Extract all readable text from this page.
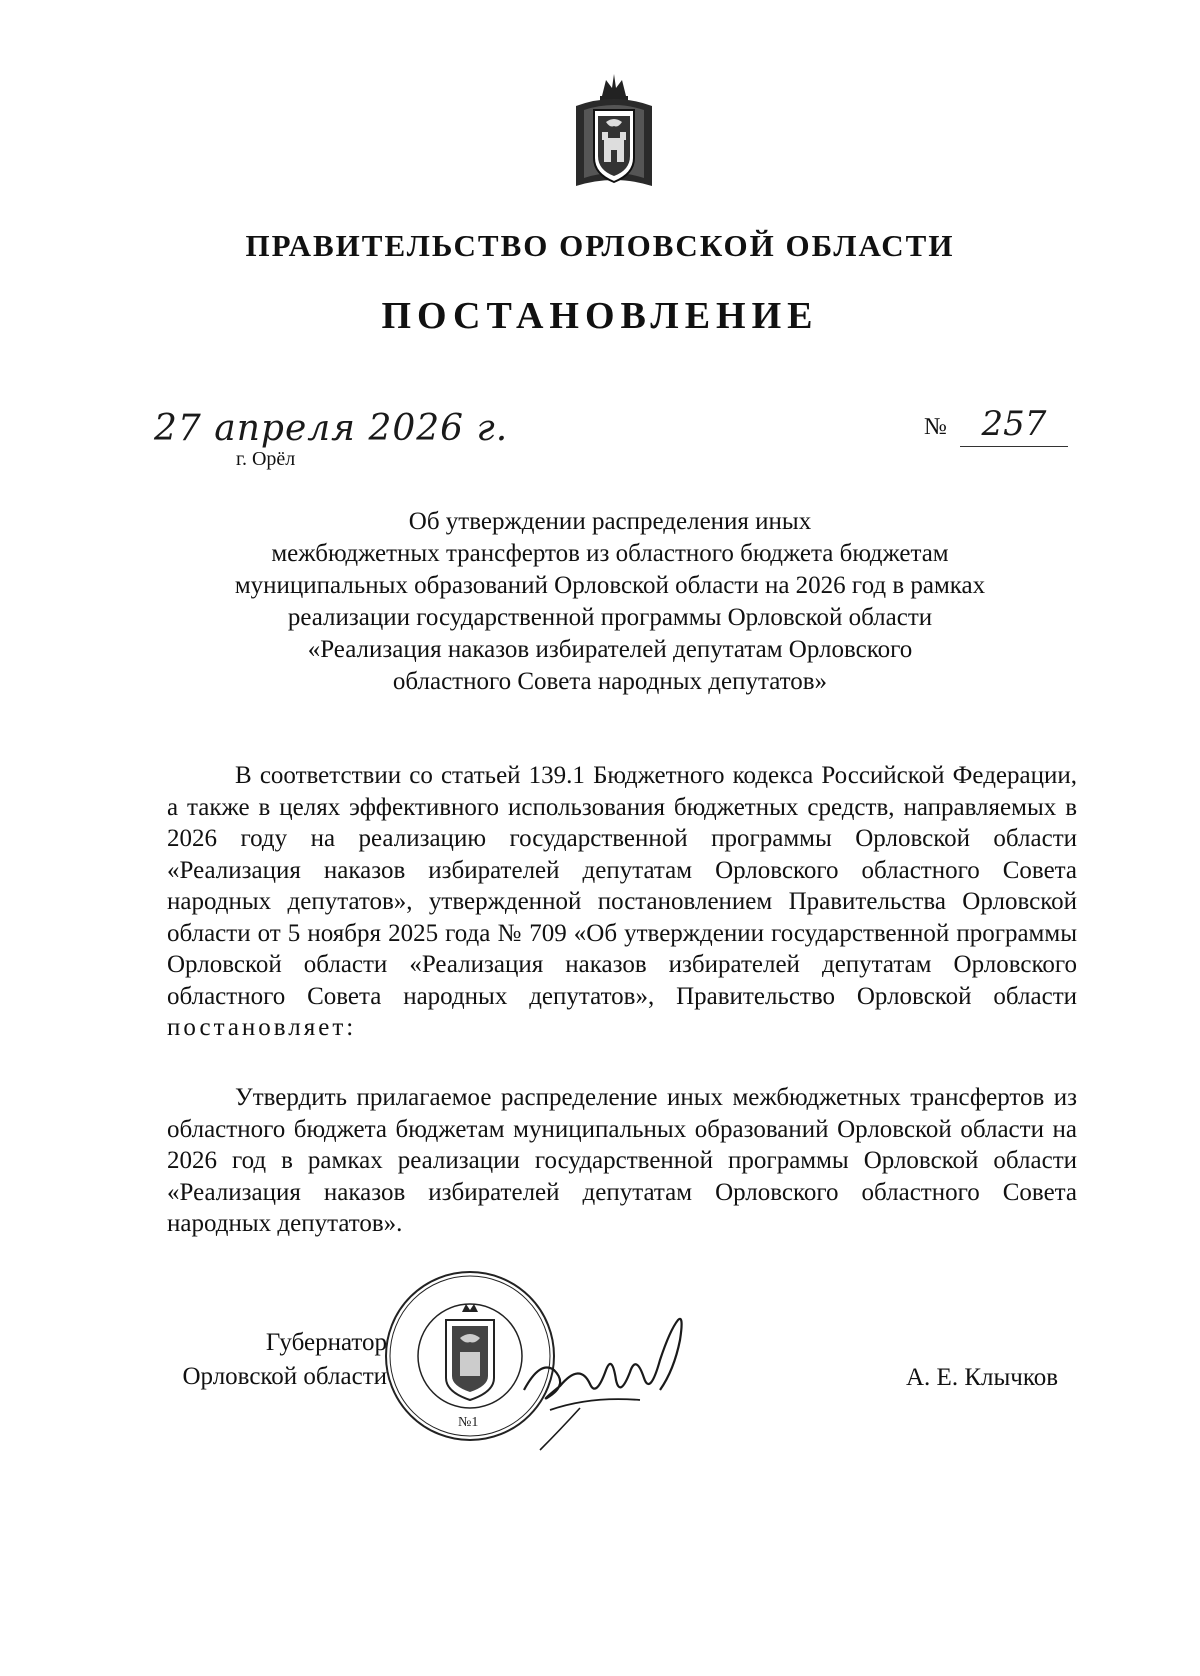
ПРАВИТЕЛЬСТВО ОРЛОВСКОЙ ОБЛАСТИ
ПОСТАНОВЛЕНИЕ
27 апреля 2026 г.
г. Орёл
№	257
Об утверждении распределения иных
межбюджетных трансфертов из областного бюджета бюджетам
муниципальных образований Орловской области на 2026 год в рамках
реализации государственной программы Орловской области
«Реализация наказов избирателей депутатам Орловского
областного Совета народных депутатов»
В соответствии со статьей 139.1 Бюджетного кодекса Российской Федерации, а также в целях эффективного использования бюджетных средств, направляемых в 2026 году на реализацию государственной программы Орловской области «Реализация наказов избирателей депутатам Орловского областного Совета народных депутатов», утвержденной постановлением Правительства Орловской области от 5 ноября 2025 года № 709 «Об утверждении государственной программы Орловской области «Реализация наказов избирателей депутатам Орловского областного Совета народных депутатов», Правительство Орловской области постановляет:
Утвердить прилагаемое распределение иных межбюджетных трансфертов из областного бюджета бюджетам муниципальных образований Орловской области на 2026 год в рамках реализации государственной программы Орловской области «Реализация наказов избирателей депутатам Орловского областного Совета народных депутатов».
Губернатор
Орловской области
№1
А. Е. Клычков
